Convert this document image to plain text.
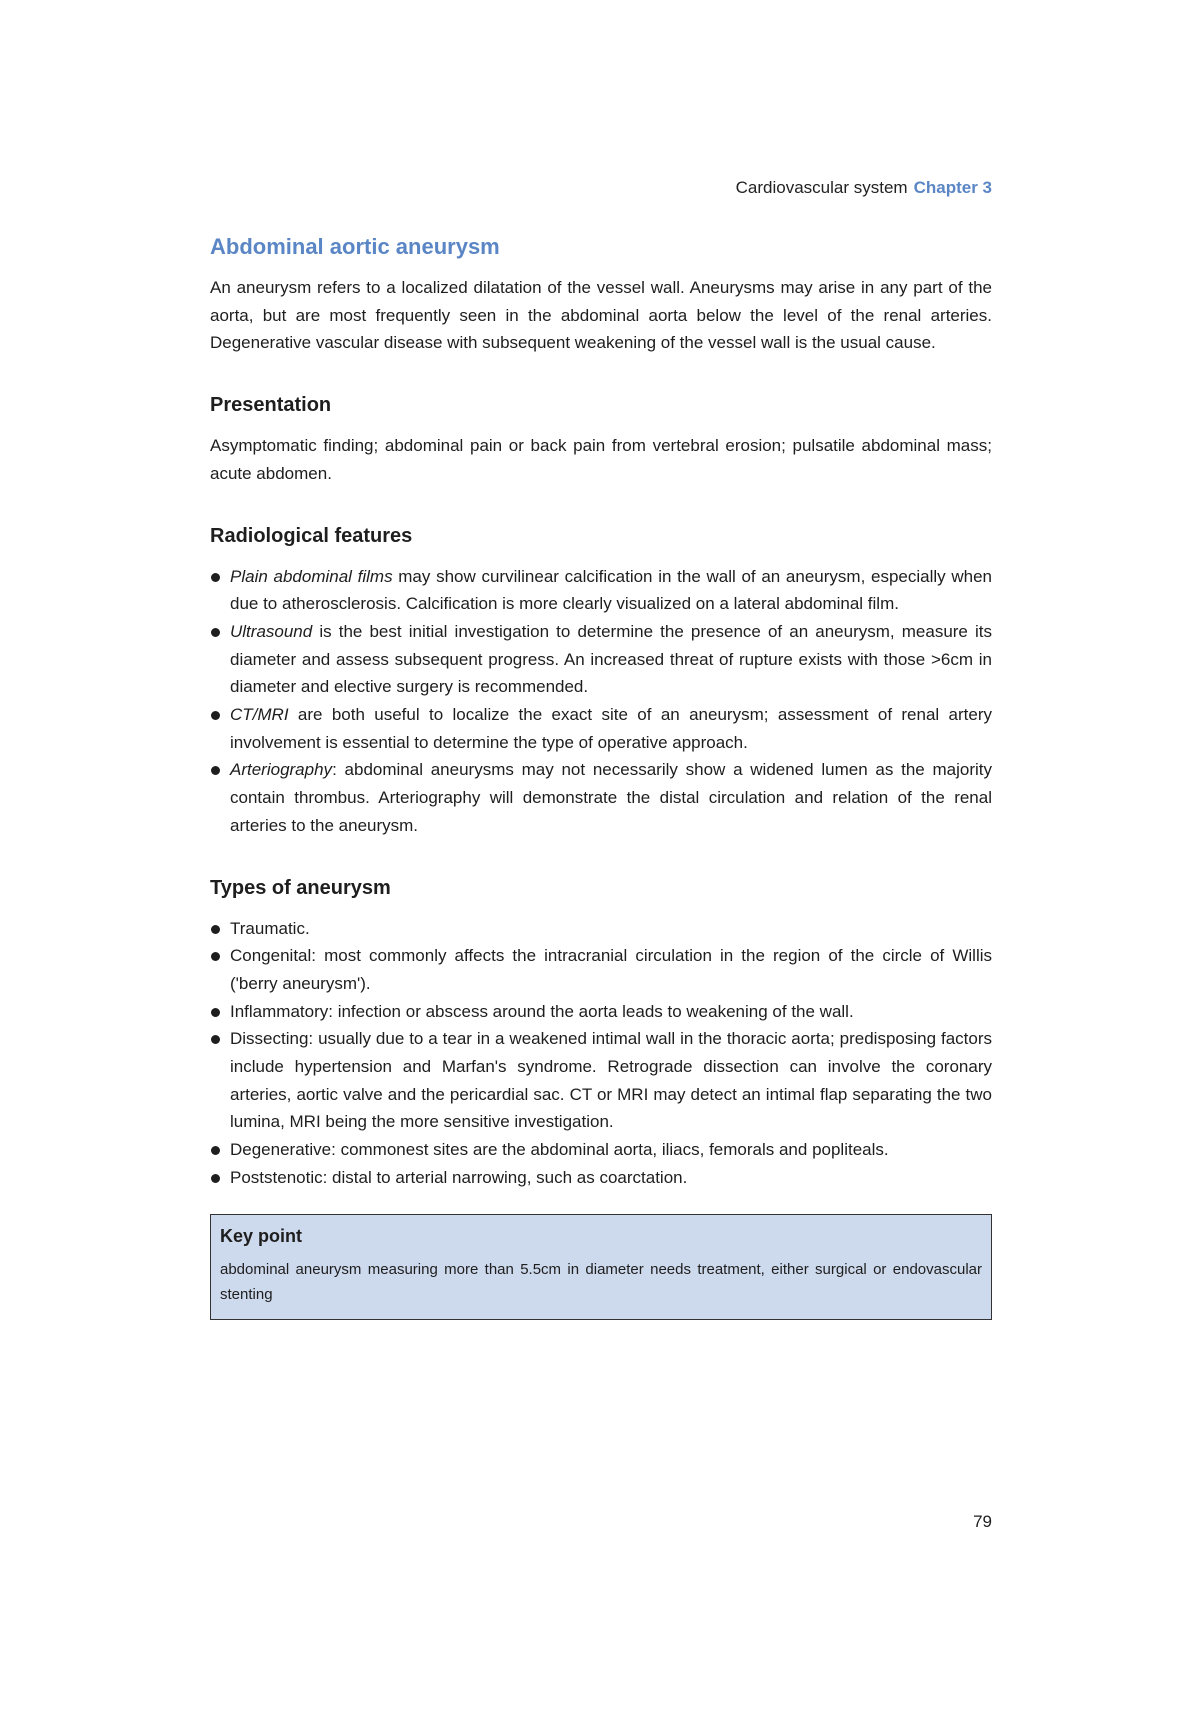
Cardiovascular system Chapter 3
Abdominal aortic aneurysm

An aneurysm refers to a localized dilatation of the vessel wall. Aneurysms may arise in any part of the aorta, but are most frequently seen in the abdominal aorta below the level of the renal arteries. Degenerative vascular disease with subsequent weakening of the vessel wall is the usual cause.

Presentation

Asymptomatic finding; abdominal pain or back pain from vertebral erosion; pulsatile abdominal mass; acute abdomen.

Radiological features
Plain abdominal films may show curvilinear calcification in the wall of an aneurysm, especially when due to atherosclerosis. Calcification is more clearly visualized on a lateral abdominal film.
Ultrasound is the best initial investigation to determine the presence of an aneurysm, measure its diameter and assess subsequent progress. An increased threat of rupture exists with those >6cm in diameter and elective surgery is recommended.
CT/MRI are both useful to localize the exact site of an aneurysm; assessment of renal artery involvement is essential to determine the type of operative approach.
Arteriography: abdominal aneurysms may not necessarily show a widened lumen as the majority contain thrombus. Arteriography will demonstrate the distal circulation and relation of the renal arteries to the aneurysm.
Types of aneurysm
Traumatic.
Congenital: most commonly affects the intracranial circulation in the region of the circle of Willis ('berry aneurysm').
Inflammatory: infection or abscess around the aorta leads to weakening of the wall.
Dissecting: usually due to a tear in a weakened intimal wall in the thoracic aorta; predisposing factors include hypertension and Marfan's syndrome. Retrograde dissection can involve the coronary arteries, aortic valve and the pericardial sac. CT or MRI may detect an intimal flap separating the two lumina, MRI being the more sensitive investigation.
Degenerative: commonest sites are the abdominal aorta, iliacs, femorals and popliteals.
Poststenotic: distal to arterial narrowing, such as coarctation.
Key point
abdominal aneurysm measuring more than 5.5cm in diameter needs treatment, either surgical or endovascular stenting
79
